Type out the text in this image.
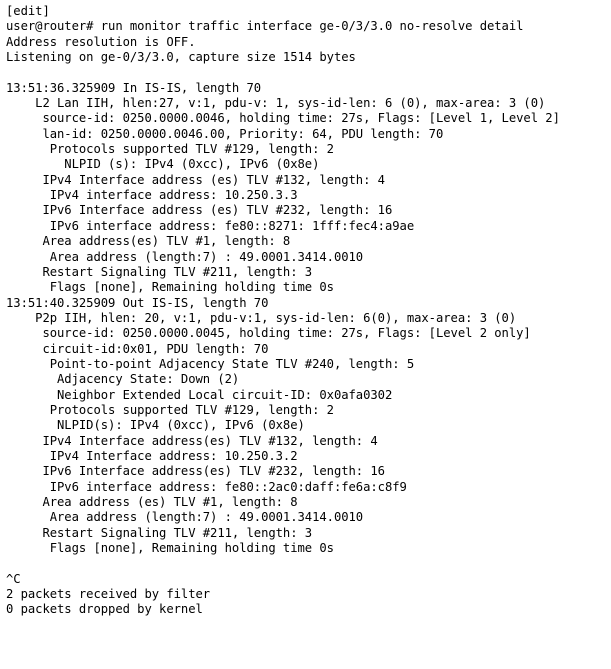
[edit]
user@router# run monitor traffic interface ge-0/3/3.0 no-resolve detail
Address resolution is OFF.
Listening on ge-0/3/3.0, capture size 1514 bytes
13:51:36.325909 In IS-IS, length 70
L2 Lan IIH, hlen:27, v:1, pdu-v: 1, sys-id-len: 6 (0), max-area: 3 (0)
source-id: 0250.0000.0046, holding time: 27s, Flags: [Level 1, Level 2]
lan-id: 0250.0000.0046.00, Priority: 64, PDU length: 70
Protocols supported TLV #129, length: 2
NLPID (s): IPv4 (0xcc), IPv6 (0x8e)
IPv4 Interface address (es) TLV #132, length: 4
IPv4 interface address: 10.250.3.3
IPv6 Interface address (es) TLV #232, length: 16
IPv6 interface address: fe80::8271: 1fff:fec4:a9ae
Area address(es) TLV #1, length: 8
Area address (length:7) : 49.0001.3414.0010
Restart Signaling TLV #211, length: 3
Flags [none], Remaining holding time 0s
13:51:40.325909 Out IS-IS, length 70
P2p IIH, hlen: 20, v:1, pdu-v:1, sys-id-len: 6(0), max-area: 3 (0)
source-id: 0250.0000.0045, holding time: 27s, Flags: [Level 2 only]
circuit-id:0x01, PDU length: 70
Point-to-point Adjacency State TLV #240, length: 5
Adjacency State: Down (2)
Neighbor Extended Local circuit-ID: 0x0afa0302
Protocols supported TLV #129, length: 2
NLPID(s): IPv4 (0xcc), IPv6 (0x8e)
IPv4 Interface address(es) TLV #132, length: 4
IPv4 Interface address: 10.250.3.2
IPv6 Interface address(es) TLV #232, length: 16
IPv6 interface address: fe80::2ac0:daff:fe6a:c8f9
Area address (es) TLV #1, length: 8
Area address (length:7) : 49.0001.3414.0010
Restart Signaling TLV #211, length: 3
Flags [none], Remaining holding time 0s
^C
2 packets received by filter
0 packets dropped by kernel
